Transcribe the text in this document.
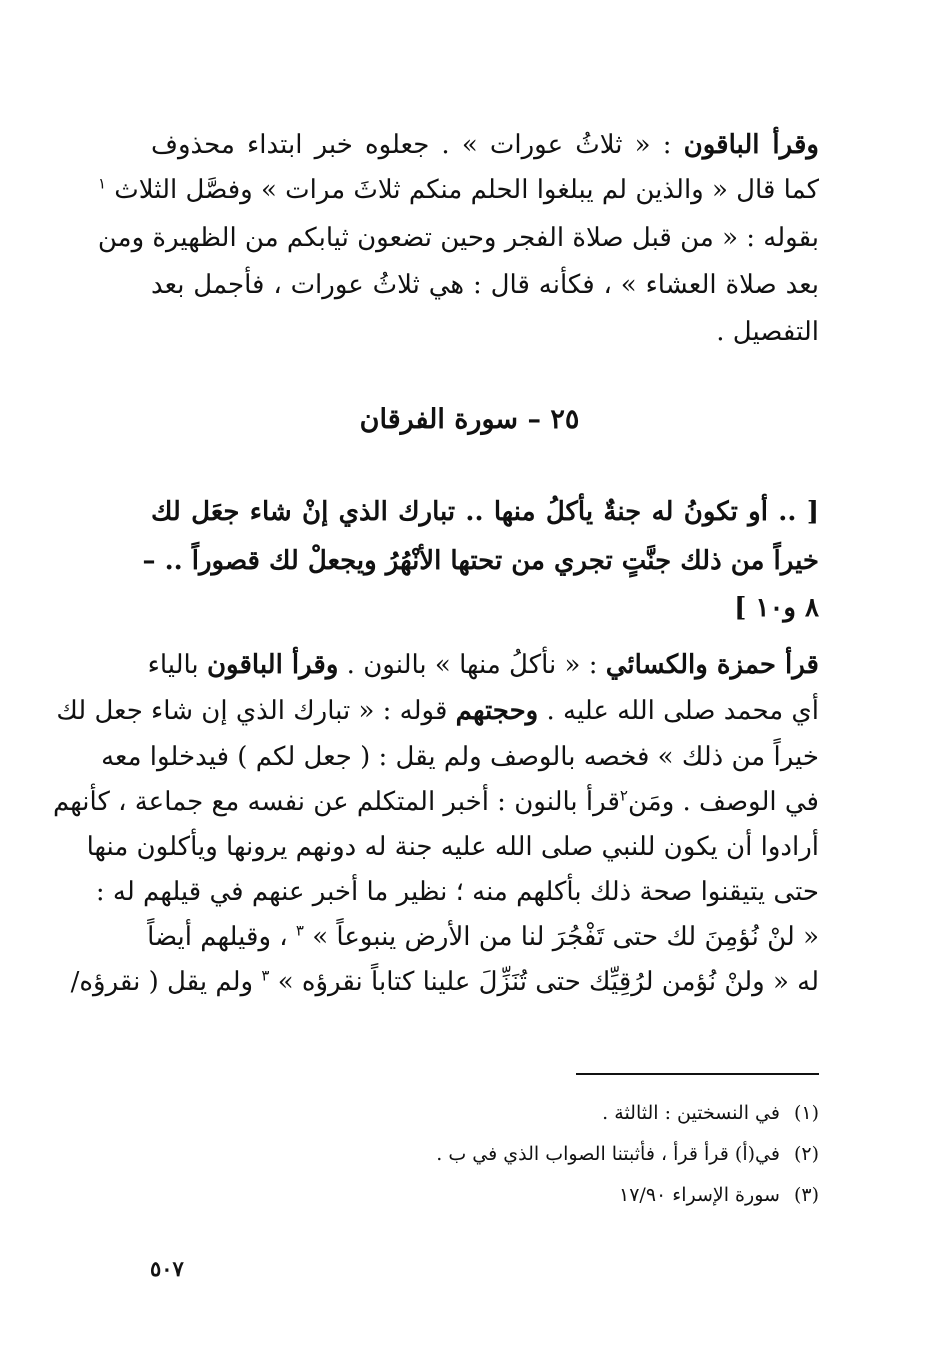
وقرأ الباقون : « ثلاثُ عورات » . جعلوه خبر ابتداء محذوف
كما قال « والذين لم يبلغوا الحلم منكم ثلاثَ مرات » وفصَّل الثلاث $^١$
بقوله : « من قبل صلاة الفجر وحين تضعون ثيابكم من الظهيرة ومن
بعد صلاة العشاء » ، فكأنه قال : هي ثلاثُ عورات ، فأجمل بعد
التفصيل .
٢٥ – سورة الفرقان
[ .. أو تكونُ له جنةٌ يأكلُ منها .. تبارك الذي إنْ شاء جعَل لك
خيراً من ذلك جنَّتٍ تجري من تحتها الأنْهُرُ ويجعلْ لك قصوراً .. –
٨ و١٠ ]
قرأ حمزة والكسائي : « نأكلُ منها » بالنون . وقرأ الباقون بالياء
أي محمد صلى الله عليه . وحجتهم قوله : « تبارك الذي إن شاء جعل لك
خيراً من ذلك » فخصه بالوصف ولم يقل : ( جعل لكم ) فيدخلوا معه
في الوصف . ومَن$^٢$قرأ بالنون : أخبر المتكلم عن نفسه مع جماعة ، كأنهم
أرادوا أن يكون للنبي صلى الله عليه جنة له دونهم يرونها ويأكلون منها
حتى يتيقنوا صحة ذلك بأكلهم منه ؛ نظير ما أخبر عنهم في قيلهم له :
« لنْ نُؤمِنَ لك حتى تَفْجُرَ لنا من الأرض ينبوعاً » $^٣$ ، وقيلهم أيضاً
له « ولنْ نُؤمن لرُقِيِّك حتى تُنَزِّلَ علينا كتاباً نقرؤه » $^٣$ ولم يقل ( نقرؤه/
(١)في النسختين : الثالثة .
(٢)في(أ) قرأ قرأ ، فأثبتنا الصواب الذي في ب .
(٣)سورة الإسراء ١٧/٩٠
٥٠٧
